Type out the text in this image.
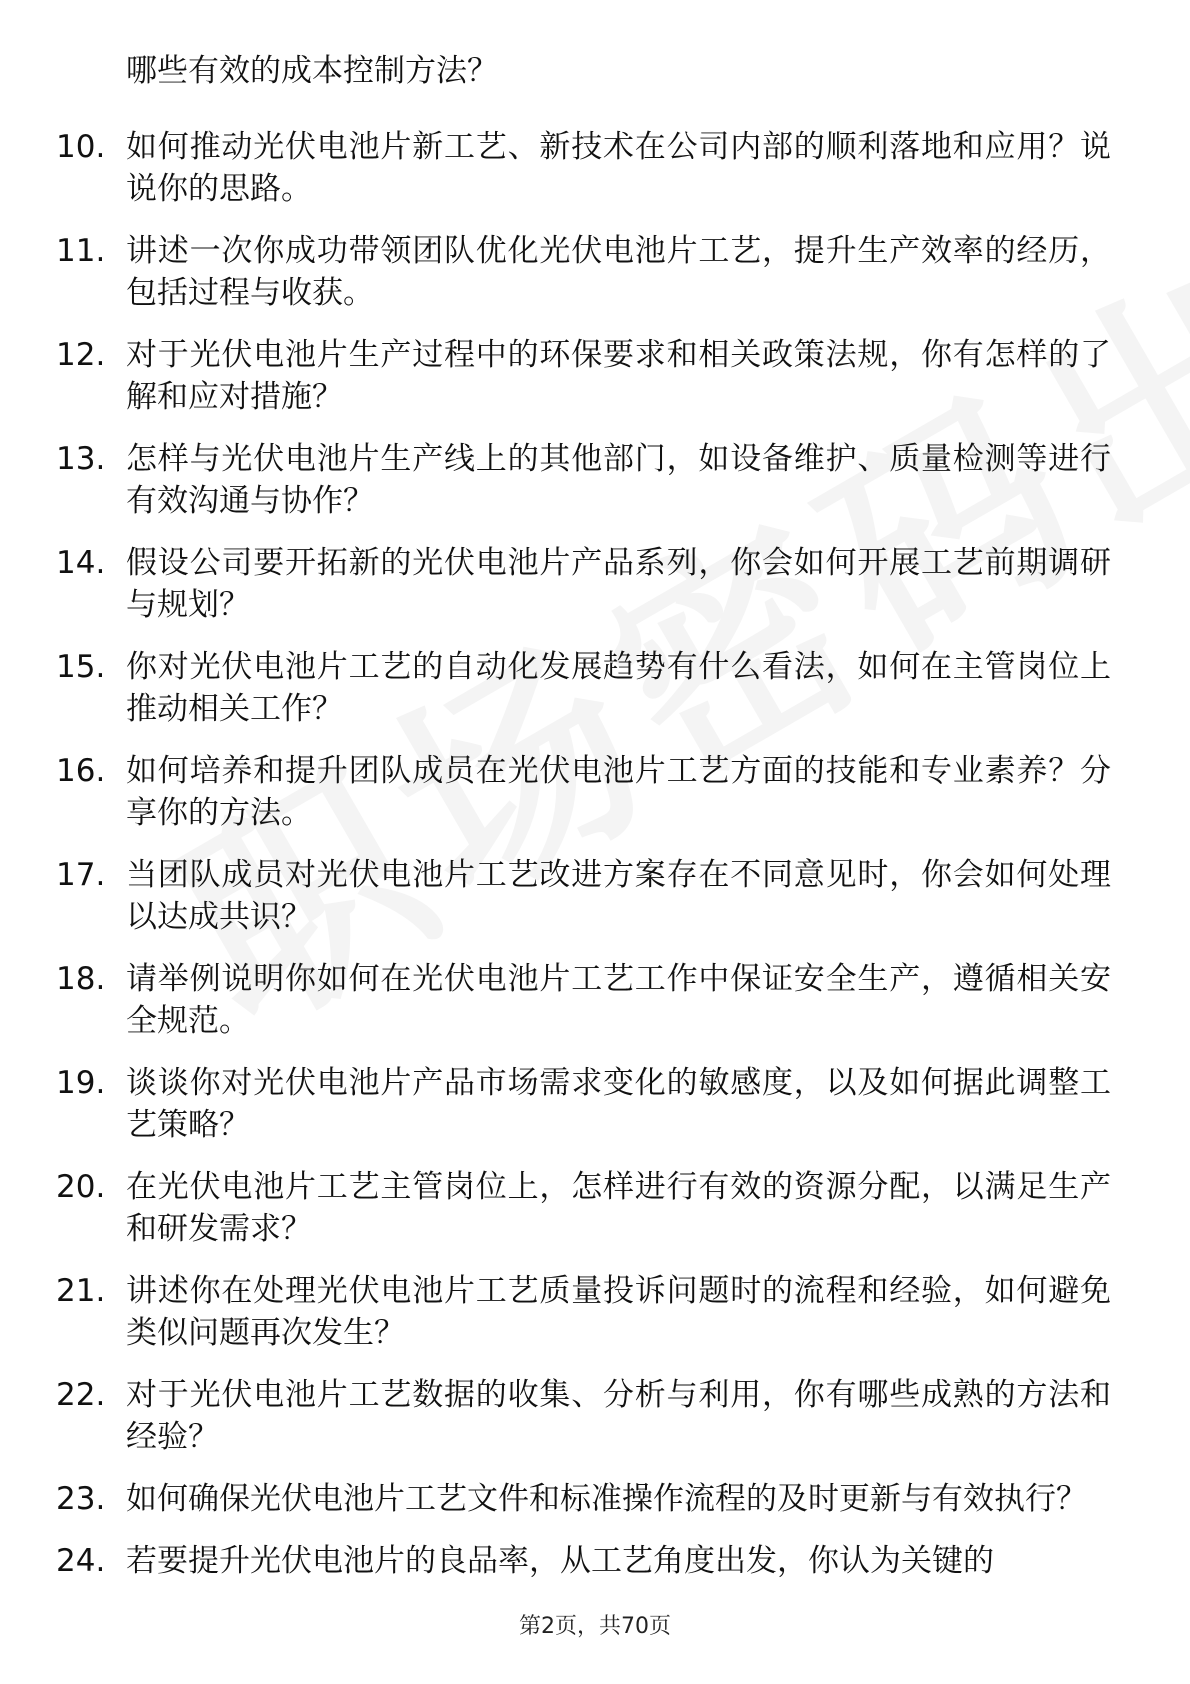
哪些有效的成本控制方法？
10. 如何推动光伏电池片新工艺、新技术在公司内部的顺利落地和应用？说说你的思路。
11. 讲述一次你成功带领团队优化光伏电池片工艺，提升生产效率的经历，包括过程与收获。
12. 对于光伏电池片生产过程中的环保要求和相关政策法规，你有怎样的了解和应对措施？
13. 怎样与光伏电池片生产线上的其他部门，如设备维护、质量检测等进行有效沟通与协作？
14. 假设公司要开拓新的光伏电池片产品系列，你会如何开展工艺前期调研与规划？
15. 你对光伏电池片工艺的自动化发展趋势有什么看法，如何在主管岗位上推动相关工作？
16. 如何培养和提升团队成员在光伏电池片工艺方面的技能和专业素养？分享你的方法。
17. 当团队成员对光伏电池片工艺改进方案存在不同意见时，你会如何处理以达成共识？
18. 请举例说明你如何在光伏电池片工艺工作中保证安全生产，遵循相关安全规范。
19. 谈谈你对光伏电池片产品市场需求变化的敏感度，以及如何据此调整工艺策略？
20. 在光伏电池片工艺主管岗位上，怎样进行有效的资源分配，以满足生产和研发需求？
21. 讲述你在处理光伏电池片工艺质量投诉问题时的流程和经验，如何避免类似问题再次发生？
22. 对于光伏电池片工艺数据的收集、分析与利用，你有哪些成熟的方法和经验？
23. 如何确保光伏电池片工艺文件和标准操作流程的及时更新与有效执行？
24. 若要提升光伏电池片的良品率，从工艺角度出发，你认为关键的
第2页，共70页
